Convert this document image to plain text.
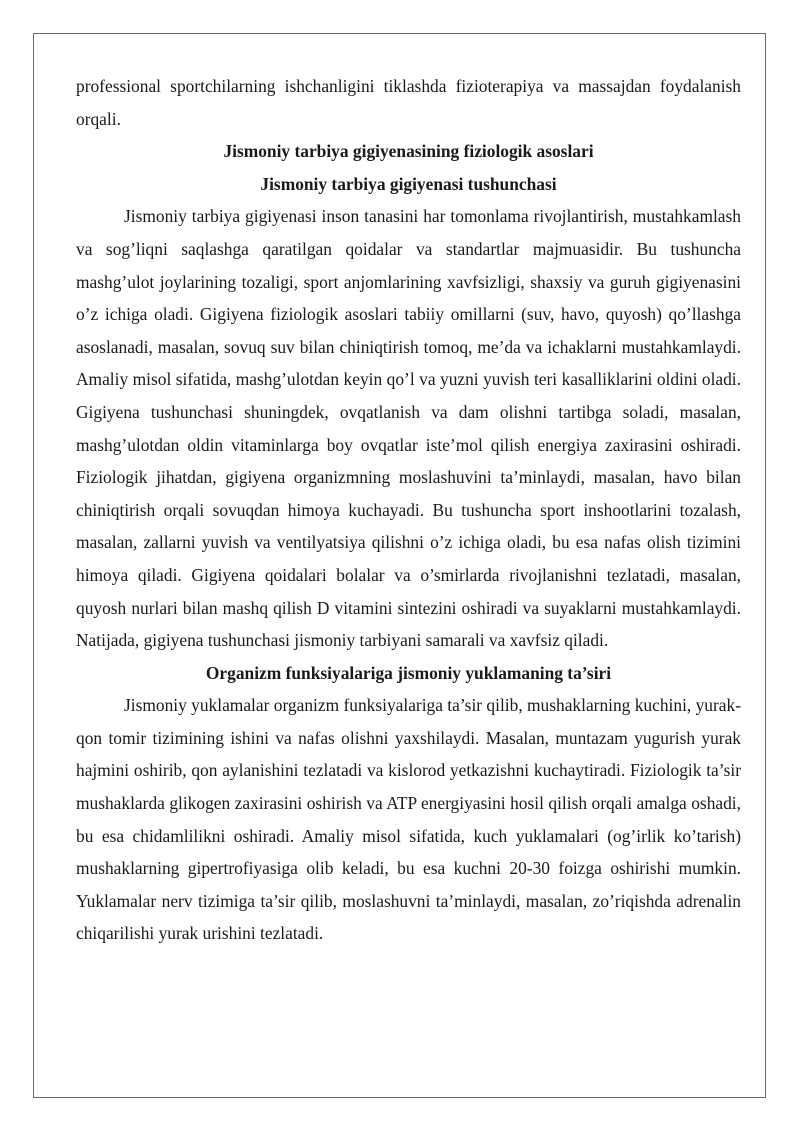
professional sportchilarning ishchanligini tiklashda fizioterapiya va massajdan foydalanish orqali.

Jismoniy tarbiya gigiyenasining fiziologik asoslari
Jismoniy tarbiya gigiyenasi tushunchasi

Jismoniy tarbiya gigiyenasi inson tanasini har tomonlama rivojlantirish, mustahkamlash va sog’liqni saqlashga qaratilgan qoidalar va standartlar majmuasidir. Bu tushuncha mashg’ulot joylarining tozaligi, sport anjomlarining xavfsizligi, shaxsiy va guruh gigiyenasini o’z ichiga oladi. Gigiyena fiziologik asoslari tabiiy omillarni (suv, havo, quyosh) qo’llashga asoslanadi, masalan, sovuq suv bilan chiniqtirish tomoq, me’da va ichaklarni mustahkamlaydi. Amaliy misol sifatida, mashg’ulotdan keyin qo’l va yuzni yuvish teri kasalliklarini oldini oladi. Gigiyena tushunchasi shuningdek, ovqatlanish va dam olishni tartibga soladi, masalan, mashg’ulotdan oldin vitaminlarga boy ovqatlar iste’mol qilish energiya zaxirasini oshiradi. Fiziologik jihatdan, gigiyena organizmning moslashuvini ta’minlaydi, masalan, havo bilan chiniqtirish orqali sovuqdan himoya kuchayadi. Bu tushuncha sport inshootlarini tozalash, masalan, zallarni yuvish va ventilyatsiya qilishni o’z ichiga oladi, bu esa nafas olish tizimini himoya qiladi. Gigiyena qoidalari bolalar va o’smirlarda rivojlanishni tezlatadi, masalan, quyosh nurlari bilan mashq qilish D vitamini sintezini oshiradi va suyaklarni mustahkamlaydi. Natijada, gigiyena tushunchasi jismoniy tarbiyani samarali va xavfsiz qiladi.

Organizm funksiyalariga jismoniy yuklamaning ta’siri

Jismoniy yuklamalar organizm funksiyalariga ta’sir qilib, mushaklarning kuchini, yurak-qon tomir tizimining ishini va nafas olishni yaxshilaydi. Masalan, muntazam yugurish yurak hajmini oshirib, qon aylanishini tezlatadi va kislorod yetkazishni kuchaytiradi. Fiziologik ta’sir mushaklarda glikogen zaxirasini oshirish va ATP energiyasini hosil qilish orqali amalga oshadi, bu esa chidamlilikni oshiradi. Amaliy misol sifatida, kuch yuklamalari (og’irlik ko’tarish) mushaklarning gipertrofiyasiga olib keladi, bu esa kuchni 20-30 foizga oshirishi mumkin. Yuklamalar nerv tizimiga ta’sir qilib, moslashuvni ta’minlaydi, masalan, zo’riqishda adrenalin chiqarilishi yurak urishini tezlatadi.
